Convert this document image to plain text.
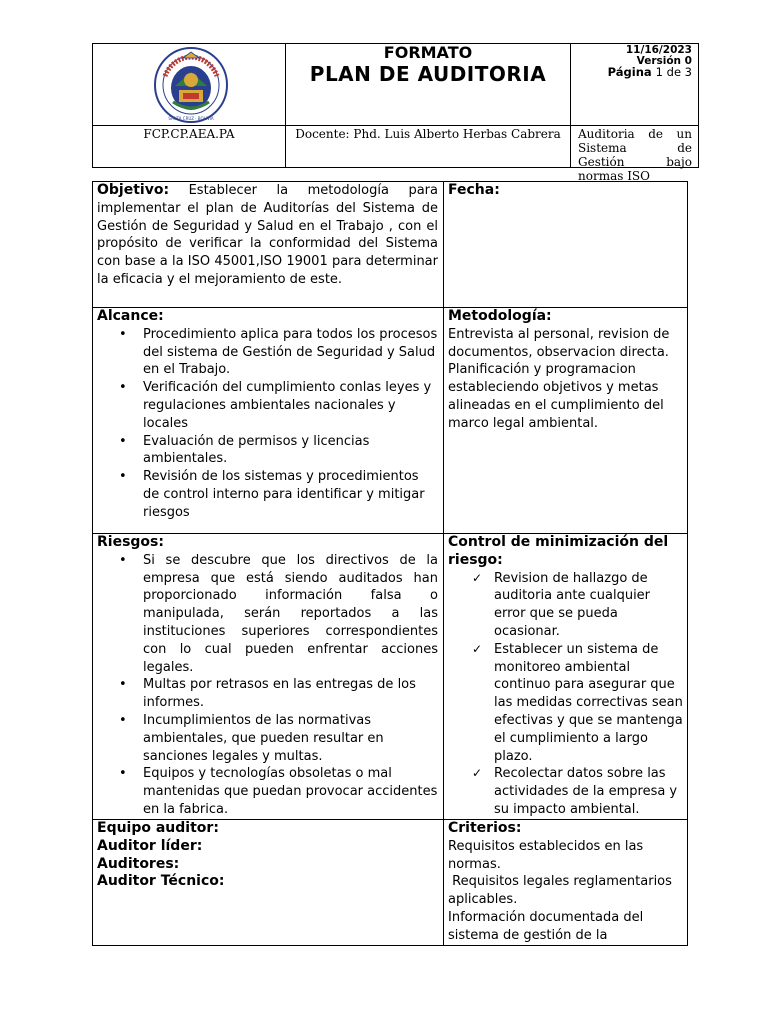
SANTA CRUZ · BOLIVIA
FORMATO
PLAN DE AUDITORIA
11/16/2023
Versión 0
Página 1 de 3
FCP.CP.AEA.PA	Docente: Phd. Luis Alberto Herbas Cabrera	Auditoria de un Sistema de Gestión bajo normas ISO
Objetivo: Establecer la metodología para implementar el plan de Auditorías del Sistema de Gestión de Seguridad y Salud en el Trabajo , con el propósito de verificar la conformidad del Sistema con base a la ISO 45001,ISO 19001 para determinar la eficacia y el mejoramiento de este.
Fecha:
Alcance:
• Procedimiento aplica para todos los procesos del sistema de Gestión de Seguridad y Salud en el Trabajo.
• Verificación del cumplimiento conlas leyes y regulaciones ambientales nacionales y locales
• Evaluación de permisos y licencias ambientales.
• Revisión de los sistemas y procedimientos de control interno para identificar y mitigar riesgos
Metodología:

Entrevista al personal, revision de documentos, observacion directa.

Planificación y programacion estableciendo objetivos y metas alineadas en el cumplimiento del marco legal ambiental.

Riesgos:
• Si se descubre que los directivos de la empresa que está siendo auditados han proporcionado información falsa o manipulada, serán reportados a las instituciones superiores correspondientes con lo cual pueden enfrentar acciones legales.
• Multas por retrasos en las entregas de los informes.
• Incumplimientos de las normativas ambientales, que pueden resultar en sanciones legales y multas.
• Equipos y tecnologías obsoletas o mal mantenidas que puedan provocar accidentes en la fabrica.
Control de minimización del riesgo:
✓ Revision de hallazgo de auditoria ante cualquier error que se pueda ocasionar.
✓ Establecer un sistema de monitoreo ambiental continuo para asegurar que las medidas correctivas sean efectivas y que se mantenga el cumplimiento a largo plazo.
✓ Recolectar datos sobre las actividades de la empresa y su impacto ambiental.
Equipo auditor:
Auditor líder:
Auditores:
Auditor Técnico:
Criterios:

Requisitos establecidos en las normas.

Requisitos legales reglamentarios aplicables.

Información documentada del sistema de gestión de la
